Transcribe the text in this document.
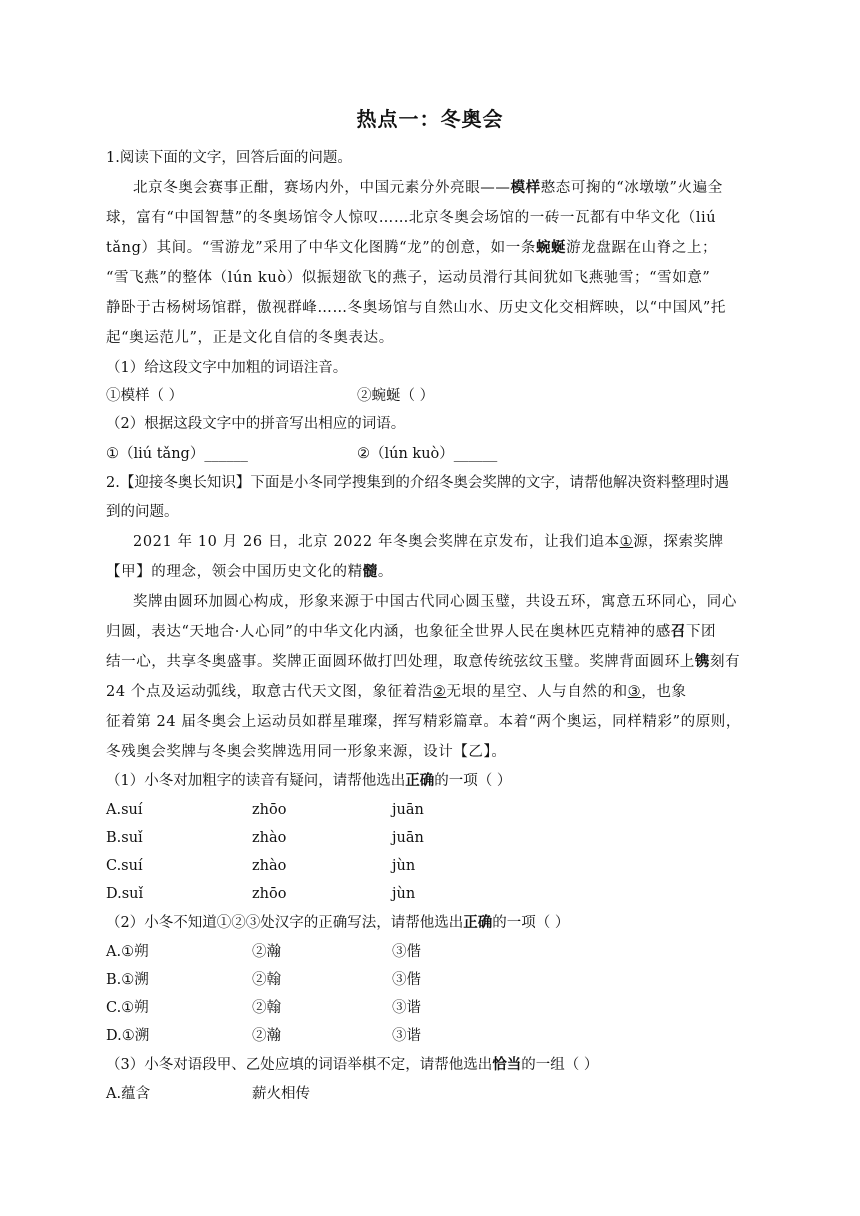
热点一：冬奥会
1.阅读下面的文字，回答后面的问题。
北京冬奥会赛事正酣，赛场内外，中国元素分外亮眼——模样憨态可掬的“冰墩墩”火遍全
球，富有“中国智慧”的冬奥场馆令人惊叹……北京冬奥会场馆的一砖一瓦都有中华文化（liú
tǎng）其间。“雪游龙”采用了中华文化图腾“龙”的创意，如一条蜿蜒游龙盘踞在山脊之上；
“雪飞燕”的整体（lún kuò）似振翅欲飞的燕子，运动员滑行其间犹如飞燕驰雪；“雪如意”
静卧于古杨树场馆群，傲视群峰……冬奥场馆与自然山水、历史文化交相辉映，以“中国风”托
起“奥运范儿”，正是文化自信的冬奥表达。
（1）给这段文字中加粗的词语注音。
①模样（ ）	②蜿蜒（ ）
（2）根据这段文字中的拼音写出相应的词语。
①（liú tǎng）______	②（lún kuò）______
2.【迎接冬奥长知识】下面是小冬同学搜集到的介绍冬奥会奖牌的文字，请帮他解决资料整理时遇
到的问题。
2021 年 10 月 26 日，北京 2022 年冬奥会奖牌在京发布，让我们追本①源，探索奖牌
【甲】的理念，领会中国历史文化的精髓。
奖牌由圆环加圆心构成，形象来源于中国古代同心圆玉璧，共设五环，寓意五环同心，同心
归圆，表达“天地合·人心同”的中华文化内涵，也象征全世界人民在奥林匹克精神的感召下团
结一心，共享冬奥盛事。奖牌正面圆环做打凹处理，取意传统弦纹玉璧。奖牌背面圆环上镌刻有
24 个点及运动弧线，取意古代天文图，象征着浩②无垠的星空、人与自然的和③，也象
征着第 24 届冬奥会上运动员如群星璀璨，挥写精彩篇章。本着“两个奥运，同样精彩”的原则，
冬残奥会奖牌与冬奥会奖牌选用同一形象来源，设计【乙】。
（1）小冬对加粗字的读音有疑问，请帮他选出正确的一项（ ）
A.suí	zhōo	juān
B.suǐ	zhào	juān
C.suí	zhào	jùn
D.suǐ	zhōo	jùn
（2）小冬不知道①②③处汉字的正确写法，请帮他选出正确的一项（ ）
A.①朔	②瀚	③偕
B.①溯	②翰	③偕
C.①朔	②翰	③谐
D.①溯	②瀚	③谐
（3）小冬对语段甲、乙处应填的词语举棋不定，请帮他选出恰当的一组（ ）
A.蕴含	薪火相传
